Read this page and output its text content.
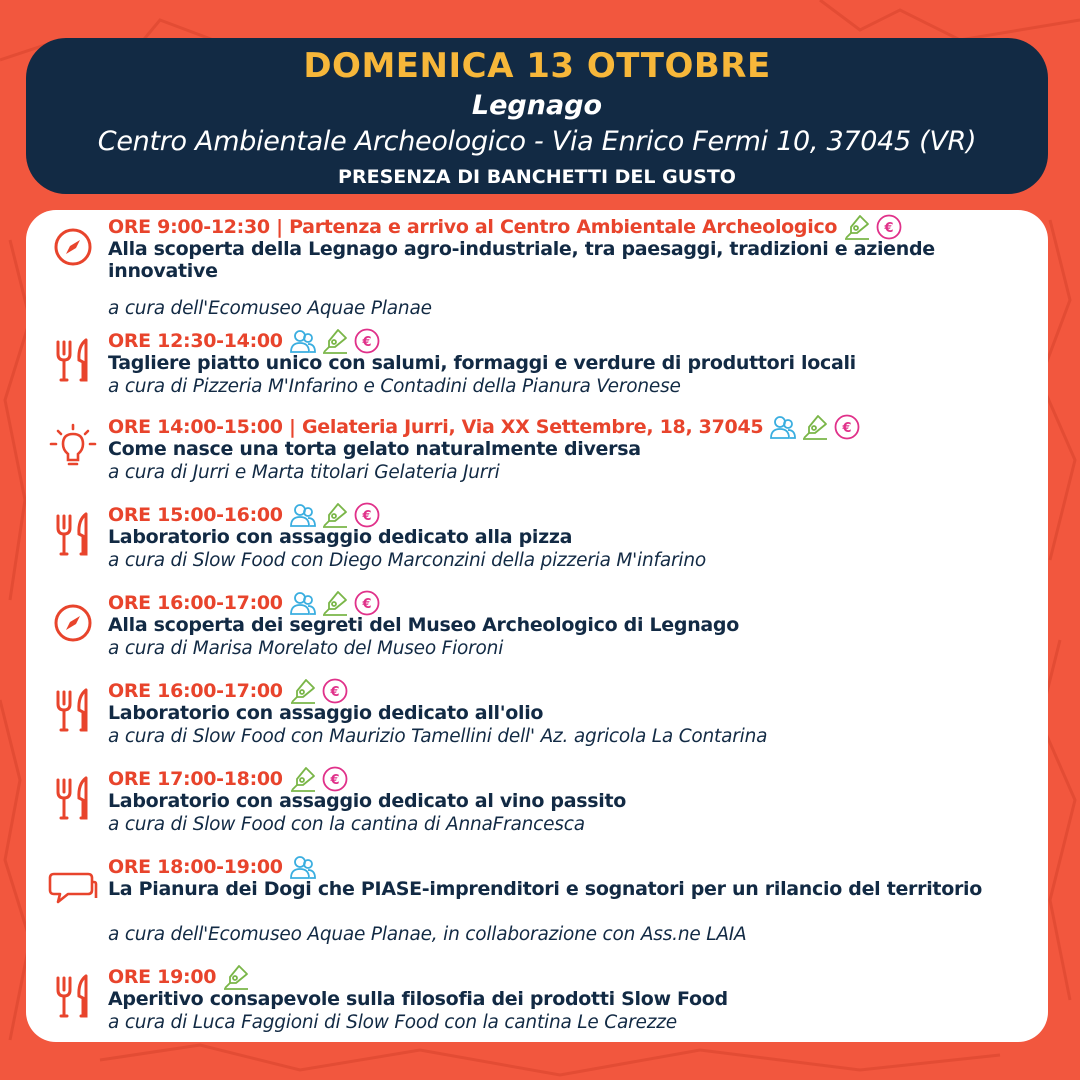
DOMENICA 13 OTTOBRE
Legnago
Centro Ambientale Archeologico - Via Enrico Fermi 10, 37045 (VR)
PRESENZA DI BANCHETTI DEL GUSTO
ORE 9:00-12:30 | Partenza e arrivo al Centro Ambientale Archeologico	€
Alla scoperta della Legnago agro-industriale, tra paesaggi, tradizioni e aziende innovative
a cura dell'Ecomuseo Aquae Planae
ORE 12:30-14:00	€
Tagliere piatto unico con salumi, formaggi e verdure di produttori locali
a cura di Pizzeria M'Infarino e Contadini della Pianura Veronese
ORE 14:00-15:00 | Gelateria Jurri, Via XX Settembre, 18, 37045	€
Come nasce una torta gelato naturalmente diversa
a cura di Jurri e Marta titolari Gelateria Jurri
ORE 15:00-16:00	€
Laboratorio con assaggio dedicato alla pizza
a cura di Slow Food con Diego Marconzini della pizzeria M'infarino
ORE 16:00-17:00	€
Alla scoperta dei segreti del Museo Archeologico di Legnago
a cura di Marisa Morelato del Museo Fioroni
ORE 16:00-17:00	€
Laboratorio con assaggio dedicato all'olio
a cura di Slow Food con Maurizio Tamellini dell' Az. agricola La Contarina
ORE 17:00-18:00	€
Laboratorio con assaggio dedicato al vino passito
a cura di Slow Food con la cantina di AnnaFrancesca
ORE 18:00-19:00
La Pianura dei Dogi che PIASE-imprenditori e sognatori per un rilancio del territorio
a cura dell'Ecomuseo Aquae Planae, in collaborazione con Ass.ne LAIA
ORE 19:00
Aperitivo consapevole sulla filosofia dei prodotti Slow Food
a cura di Luca Faggioni di Slow Food con la cantina Le Carezze
